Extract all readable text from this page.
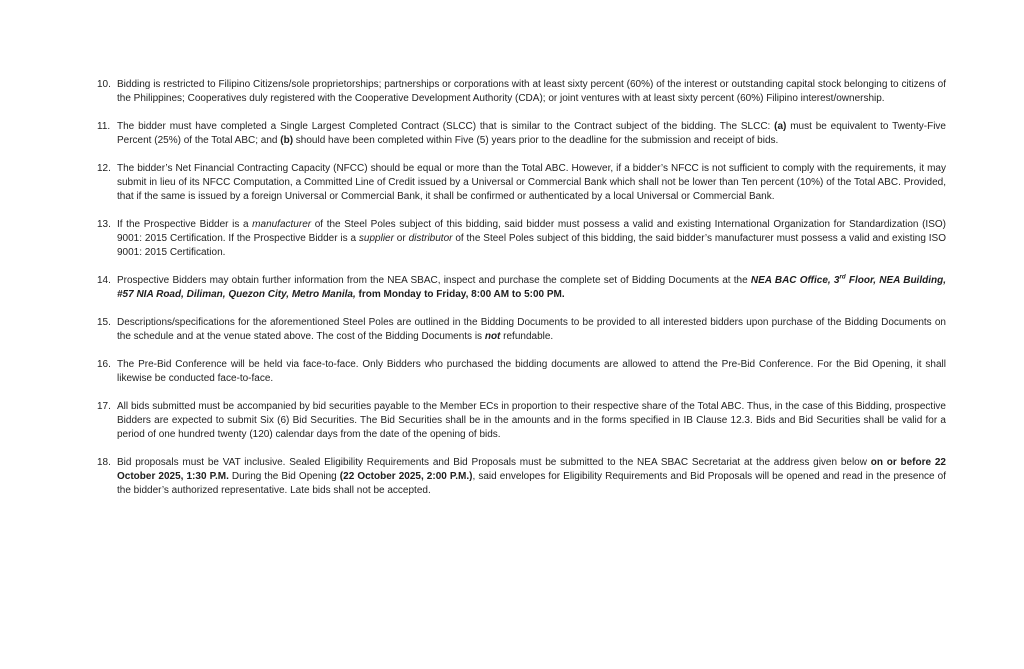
10. Bidding is restricted to Filipino Citizens/sole proprietorships; partnerships or corporations with at least sixty percent (60%) of the interest or outstanding capital stock belonging to citizens of the Philippines; Cooperatives duly registered with the Cooperative Development Authority (CDA); or joint ventures with at least sixty percent (60%) Filipino interest/ownership.
11. The bidder must have completed a Single Largest Completed Contract (SLCC) that is similar to the Contract subject of the bidding. The SLCC: (a) must be equivalent to Twenty-Five Percent (25%) of the Total ABC; and (b) should have been completed within Five (5) years prior to the deadline for the submission and receipt of bids.
12. The bidder’s Net Financial Contracting Capacity (NFCC) should be equal or more than the Total ABC. However, if a bidder’s NFCC is not sufficient to comply with the requirements, it may submit in lieu of its NFCC Computation, a Committed Line of Credit issued by a Universal or Commercial Bank which shall not be lower than Ten percent (10%) of the Total ABC. Provided, that if the same is issued by a foreign Universal or Commercial Bank, it shall be confirmed or authenticated by a local Universal or Commercial Bank.
13. If the Prospective Bidder is a manufacturer of the Steel Poles subject of this bidding, said bidder must possess a valid and existing International Organization for Standardization (ISO) 9001: 2015 Certification. If the Prospective Bidder is a supplier or distributor of the Steel Poles subject of this bidding, the said bidder’s manufacturer must possess a valid and existing ISO 9001: 2015 Certification.
14. Prospective Bidders may obtain further information from the NEA SBAC, inspect and purchase the complete set of Bidding Documents at the NEA BAC Office, 3rd Floor, NEA Building, #57 NIA Road, Diliman, Quezon City, Metro Manila, from Monday to Friday, 8:00 AM to 5:00 PM.
15. Descriptions/specifications for the aforementioned Steel Poles are outlined in the Bidding Documents to be provided to all interested bidders upon purchase of the Bidding Documents on the schedule and at the venue stated above. The cost of the Bidding Documents is not refundable.
16. The Pre-Bid Conference will be held via face-to-face. Only Bidders who purchased the bidding documents are allowed to attend the Pre-Bid Conference. For the Bid Opening, it shall likewise be conducted face-to-face.
17. All bids submitted must be accompanied by bid securities payable to the Member ECs in proportion to their respective share of the Total ABC. Thus, in the case of this Bidding, prospective Bidders are expected to submit Six (6) Bid Securities. The Bid Securities shall be in the amounts and in the forms specified in IB Clause 12.3. Bids and Bid Securities shall be valid for a period of one hundred twenty (120) calendar days from the date of the opening of bids.
18. Bid proposals must be VAT inclusive. Sealed Eligibility Requirements and Bid Proposals must be submitted to the NEA SBAC Secretariat at the address given below on or before 22 October 2025, 1:30 P.M. During the Bid Opening (22 October 2025, 2:00 P.M.), said envelopes for Eligibility Requirements and Bid Proposals will be opened and read in the presence of the bidder’s authorized representative. Late bids shall not be accepted.
